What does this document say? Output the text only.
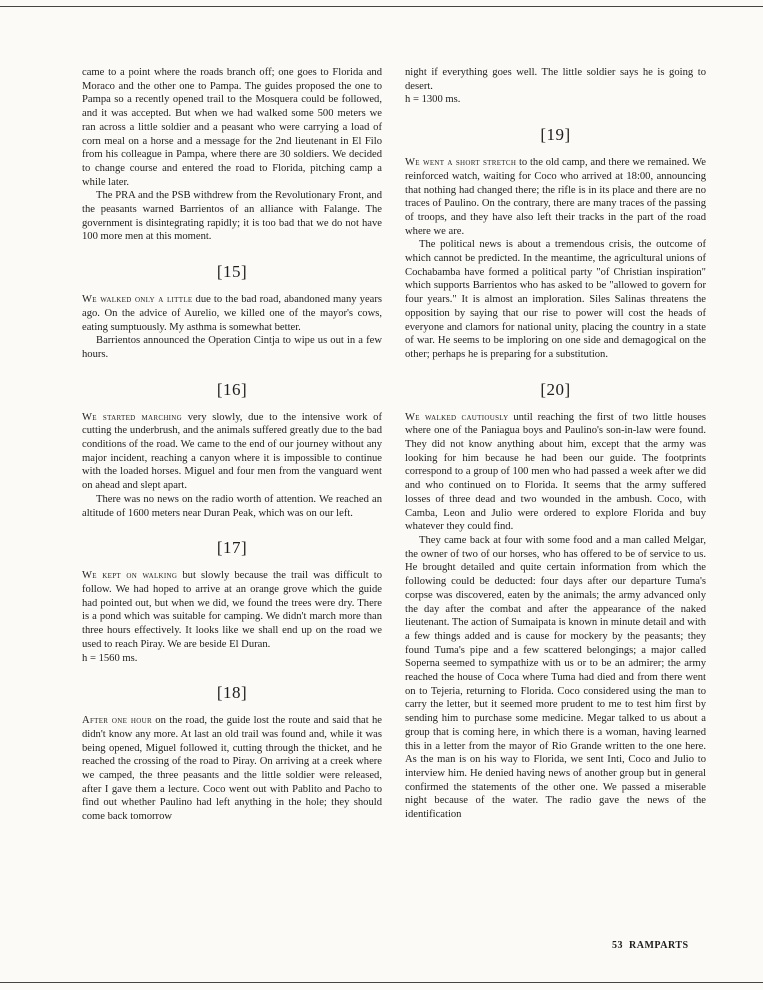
came to a point where the roads branch off; one goes to Florida and Moraco and the other one to Pampa. The guides proposed the one to Pampa so a recently opened trail to the Mosquera could be followed, and it was accepted. But when we had walked some 500 meters we ran across a little soldier and a peasant who were carrying a load of corn meal on a horse and a message for the 2nd lieutenant in El Filo from his colleague in Pampa, where there are 30 soldiers. We decided to change course and entered the road to Florida, pitching camp a while later.

The PRA and the PSB withdrew from the Revolutionary Front, and the peasants warned Barrientos of an alliance with Falange. The government is disintegrating rapidly; it is too bad that we do not have 100 more men at this moment.

[15]

We walked only a little due to the bad road, abandoned many years ago. On the advice of Aurelio, we killed one of the mayor's cows, eating sumptuously. My asthma is somewhat better.

Barrientos announced the Operation Cintja to wipe us out in a few hours.

[16]

We started marching very slowly, due to the intensive work of cutting the underbrush, and the animals suffered greatly due to the bad conditions of the road. We came to the end of our journey without any major incident, reaching a canyon where it is impossible to continue with the loaded horses. Miguel and four men from the vanguard went on ahead and slept apart.

There was no news on the radio worth of attention. We reached an altitude of 1600 meters near Duran Peak, which was on our left.

[17]

We kept on walking but slowly because the trail was difficult to follow. We had hoped to arrive at an orange grove which the guide had pointed out, but when we did, we found the trees were dry. There is a pond which was suitable for camping. We didn't march more than three hours effectively. It looks like we shall end up on the road we used to reach Piray. We are beside El Duran.

h = 1560 ms.

[18]

After one hour on the road, the guide lost the route and said that he didn't know any more. At last an old trail was found and, while it was being opened, Miguel followed it, cutting through the thicket, and he reached the crossing of the road to Piray. On arriving at a creek where we camped, the three peasants and the little soldier were released, after I gave them a lecture. Coco went out with Pablito and Pacho to find out whether Paulino had left anything in the hole; they should come back tomorrow

night if everything goes well. The little soldier says he is going to desert.

h = 1300 ms.

[19]

We went a short stretch to the old camp, and there we remained. We reinforced watch, waiting for Coco who arrived at 18:00, announcing that nothing had changed there; the rifle is in its place and there are no traces of Paulino. On the contrary, there are many traces of the passing of troops, and they have also left their tracks in the part of the road where we are.

The political news is about a tremendous crisis, the outcome of which cannot be predicted. In the meantime, the agricultural unions of Cochabamba have formed a political party "of Christian inspiration" which supports Barrientos who has asked to be "allowed to govern for four years." It is almost an imploration. Siles Salinas threatens the opposition by saying that our rise to power will cost the heads of everyone and clamors for national unity, placing the country in a state of war. He seems to be imploring on one side and demagogical on the other; perhaps he is preparing for a substitution.

[20]

We walked cautiously until reaching the first of two little houses where one of the Paniagua boys and Paulino's son-in-law were found. They did not know anything about him, except that the army was looking for him because he had been our guide. The footprints correspond to a group of 100 men who had passed a week after we did and who continued on to Florida. It seems that the army suffered losses of three dead and two wounded in the ambush. Coco, with Camba, Leon and Julio were ordered to explore Florida and buy whatever they could find.

They came back at four with some food and a man called Melgar, the owner of two of our horses, who has offered to be of service to us. He brought detailed and quite certain information from which the following could be deducted: four days after our departure Tuma's corpse was discovered, eaten by the animals; the army advanced only the day after the combat and after the appearance of the naked lieutenant. The action of Sumaipata is known in minute detail and with a few things added and is cause for mockery by the peasants; they found Tuma's pipe and a few scattered belongings; a major called Soperna seemed to sympathize with us or to be an admirer; the army reached the house of Coca where Tuma had died and from there went on to Tejeria, returning to Florida. Coco considered using the man to carry the letter, but it seemed more prudent to me to test him first by sending him to purchase some medicine. Megar talked to us about a group that is coming here, in which there is a woman, having learned this in a letter from the mayor of Rio Grande written to the one here. As the man is on his way to Florida, we sent Inti, Coco and Julio to interview him. He denied having news of another group but in general confirmed the statements of the other one. We passed a miserable night because of the water. The radio gave the news of the identification

53 RAMPARTS
